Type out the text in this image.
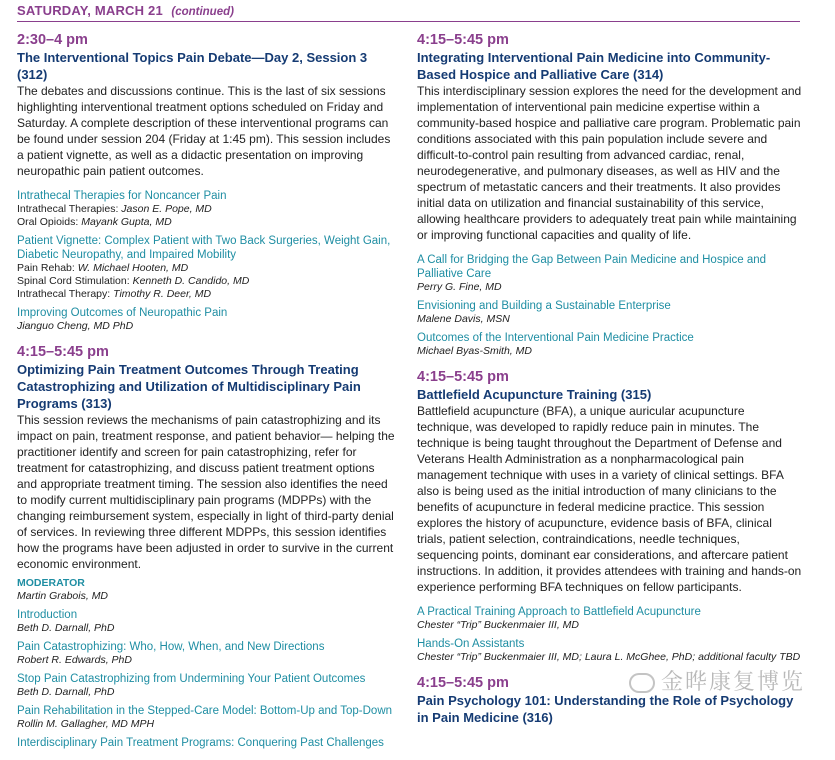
SATURDAY, MARCH 21 (continued)
2:30–4 pm
The Interventional Topics Pain Debate—Day 2, Session 3 (312)

The debates and discussions continue. This is the last of six sessions highlighting interventional treatment options scheduled on Friday and Saturday. A complete description of these interventional programs can be found under session 204 (Friday at 1:45 pm). This session includes a patient vignette, as well as a didactic presentation on improving neuropathic pain patient outcomes.

Intrathecal Therapies for Noncancer Pain
Intrathecal Therapies: Jason E. Pope, MD
Oral Opioids: Mayank Gupta, MD
Patient Vignette: Complex Patient with Two Back Surgeries, Weight Gain, Diabetic Neuropathy, and Impaired Mobility
Pain Rehab: W. Michael Hooten, MD
Spinal Cord Stimulation: Kenneth D. Candido, MD
Intrathecal Therapy: Timothy R. Deer, MD
Improving Outcomes of Neuropathic Pain
Jianguo Cheng, MD PhD
4:15–5:45 pm
Optimizing Pain Treatment Outcomes Through Treating Catastrophizing and Utilization of Multidisciplinary Pain Programs (313)

This session reviews the mechanisms of pain catastrophizing and its impact on pain, treatment response, and patient behavior— helping the practitioner identify and screen for pain catastrophizing, refer for treatment for catastrophizing, and discuss patient treatment options and appropriate treatment timing. The session also identifies the need to modify current multidisciplinary pain programs (MDPPs) with the changing reimbursement system, especially in light of third-party denial of services. In reviewing three different MDPPs, this session identifies how the programs have been adjusted in order to survive in the current economic environment.

MODERATOR
Martin Grabois, MD
Introduction
Beth D. Darnall, PhD
Pain Catastrophizing: Who, How, When, and New Directions
Robert R. Edwards, PhD
Stop Pain Catastrophizing from Undermining Your Patient Outcomes
Beth D. Darnall, PhD
Pain Rehabilitation in the Stepped-Care Model: Bottom-Up and Top-Down
Rollin M. Gallagher, MD MPH
Interdisciplinary Pain Treatment Programs: Conquering Past Challenges
4:15–5:45 pm
Integrating Interventional Pain Medicine into Community-Based Hospice and Palliative Care (314)

This interdisciplinary session explores the need for the development and implementation of interventional pain medicine expertise within a community-based hospice and palliative care program. Problematic pain conditions associated with this pain population include severe and difficult-to-control pain resulting from advanced cardiac, renal, neurodegenerative, and pulmonary diseases, as well as HIV and the spectrum of metastatic cancers and their treatments. It also provides initial data on utilization and financial sustainability of this service, allowing healthcare providers to adequately treat pain while maintaining or improving functional capacities and quality of life.

A Call for Bridging the Gap Between Pain Medicine and Hospice and Palliative Care
Perry G. Fine, MD
Envisioning and Building a Sustainable Enterprise
Malene Davis, MSN
Outcomes of the Interventional Pain Medicine Practice
Michael Byas-Smith, MD
4:15–5:45 pm
Battlefield Acupuncture Training (315)

Battlefield acupuncture (BFA), a unique auricular acupuncture technique, was developed to rapidly reduce pain in minutes. The technique is being taught throughout the Department of Defense and Veterans Health Administration as a nonpharmacological pain management technique with uses in a variety of clinical settings. BFA also is being used as the initial introduction of many clinicians to the benefits of acupuncture in federal medicine practice. This session explores the history of acupuncture, evidence basis of BFA, clinical trials, patient selection, contraindications, needle techniques, sequencing points, dominant ear considerations, and aftercare patient instructions. In addition, it provides attendees with training and hands-on experience performing BFA techniques on fellow participants.

A Practical Training Approach to Battlefield Acupuncture
Chester “Trip” Buckenmaier III, MD
Hands-On Assistants
Chester “Trip” Buckenmaier III, MD; Laura L. McGhee, PhD; additional faculty TBD
4:15–5:45 pm
Pain Psychology 101: Understanding the Role of Psychology in Pain Medicine (316)
金晔康复博览
